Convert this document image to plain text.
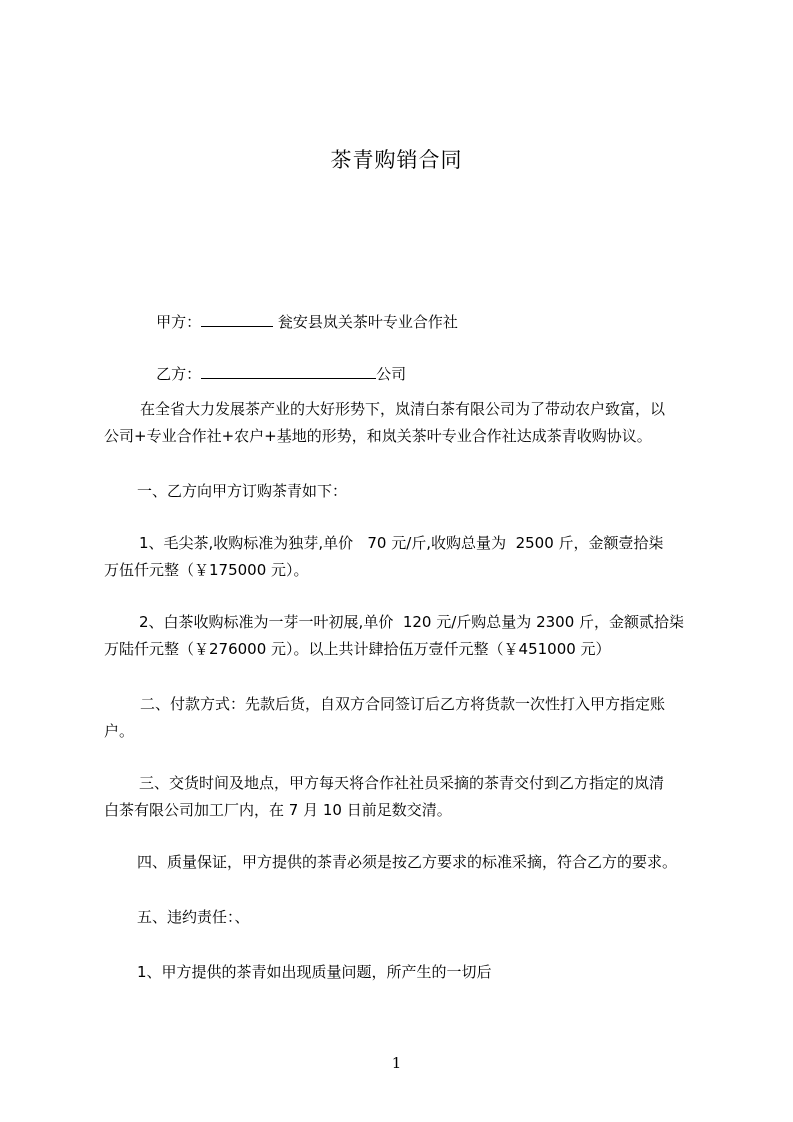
茶青购销合同

甲方：	瓮安县岚关茶叶专业合作社

乙方：	公司

在全省大力发展茶产业的大好形势下，岚清白茶有限公司为了带动农户致富，以
公司+专业合作社+农户+基地的形势，和岚关茶叶专业合作社达成茶青收购协议。
一、乙方向甲方订购茶青如下：
1、毛尖茶,收购标准为独芽,单价   70 元/斤,收购总量为  2500 斤，金额壹拾柒
万伍仟元整（￥175000 元）。
2、白茶收购标准为一芽一叶初展,单价  120 元/斤购总量为 2300 斤，金额贰拾柒
万陆仟元整（￥276000 元）。以上共计肆拾伍万壹仟元整（￥451000 元）
二、付款方式：先款后货，自双方合同签订后乙方将货款一次性打入甲方指定账
户。
三、交货时间及地点，甲方每天将合作社社员采摘的茶青交付到乙方指定的岚清
白茶有限公司加工厂内，在 7 月 10 日前足数交清。
四、质量保证，甲方提供的茶青必须是按乙方要求的标准采摘，符合乙方的要求。
五、违约责任：、
1、甲方提供的茶青如出现质量问题，所产生的一切后
1
